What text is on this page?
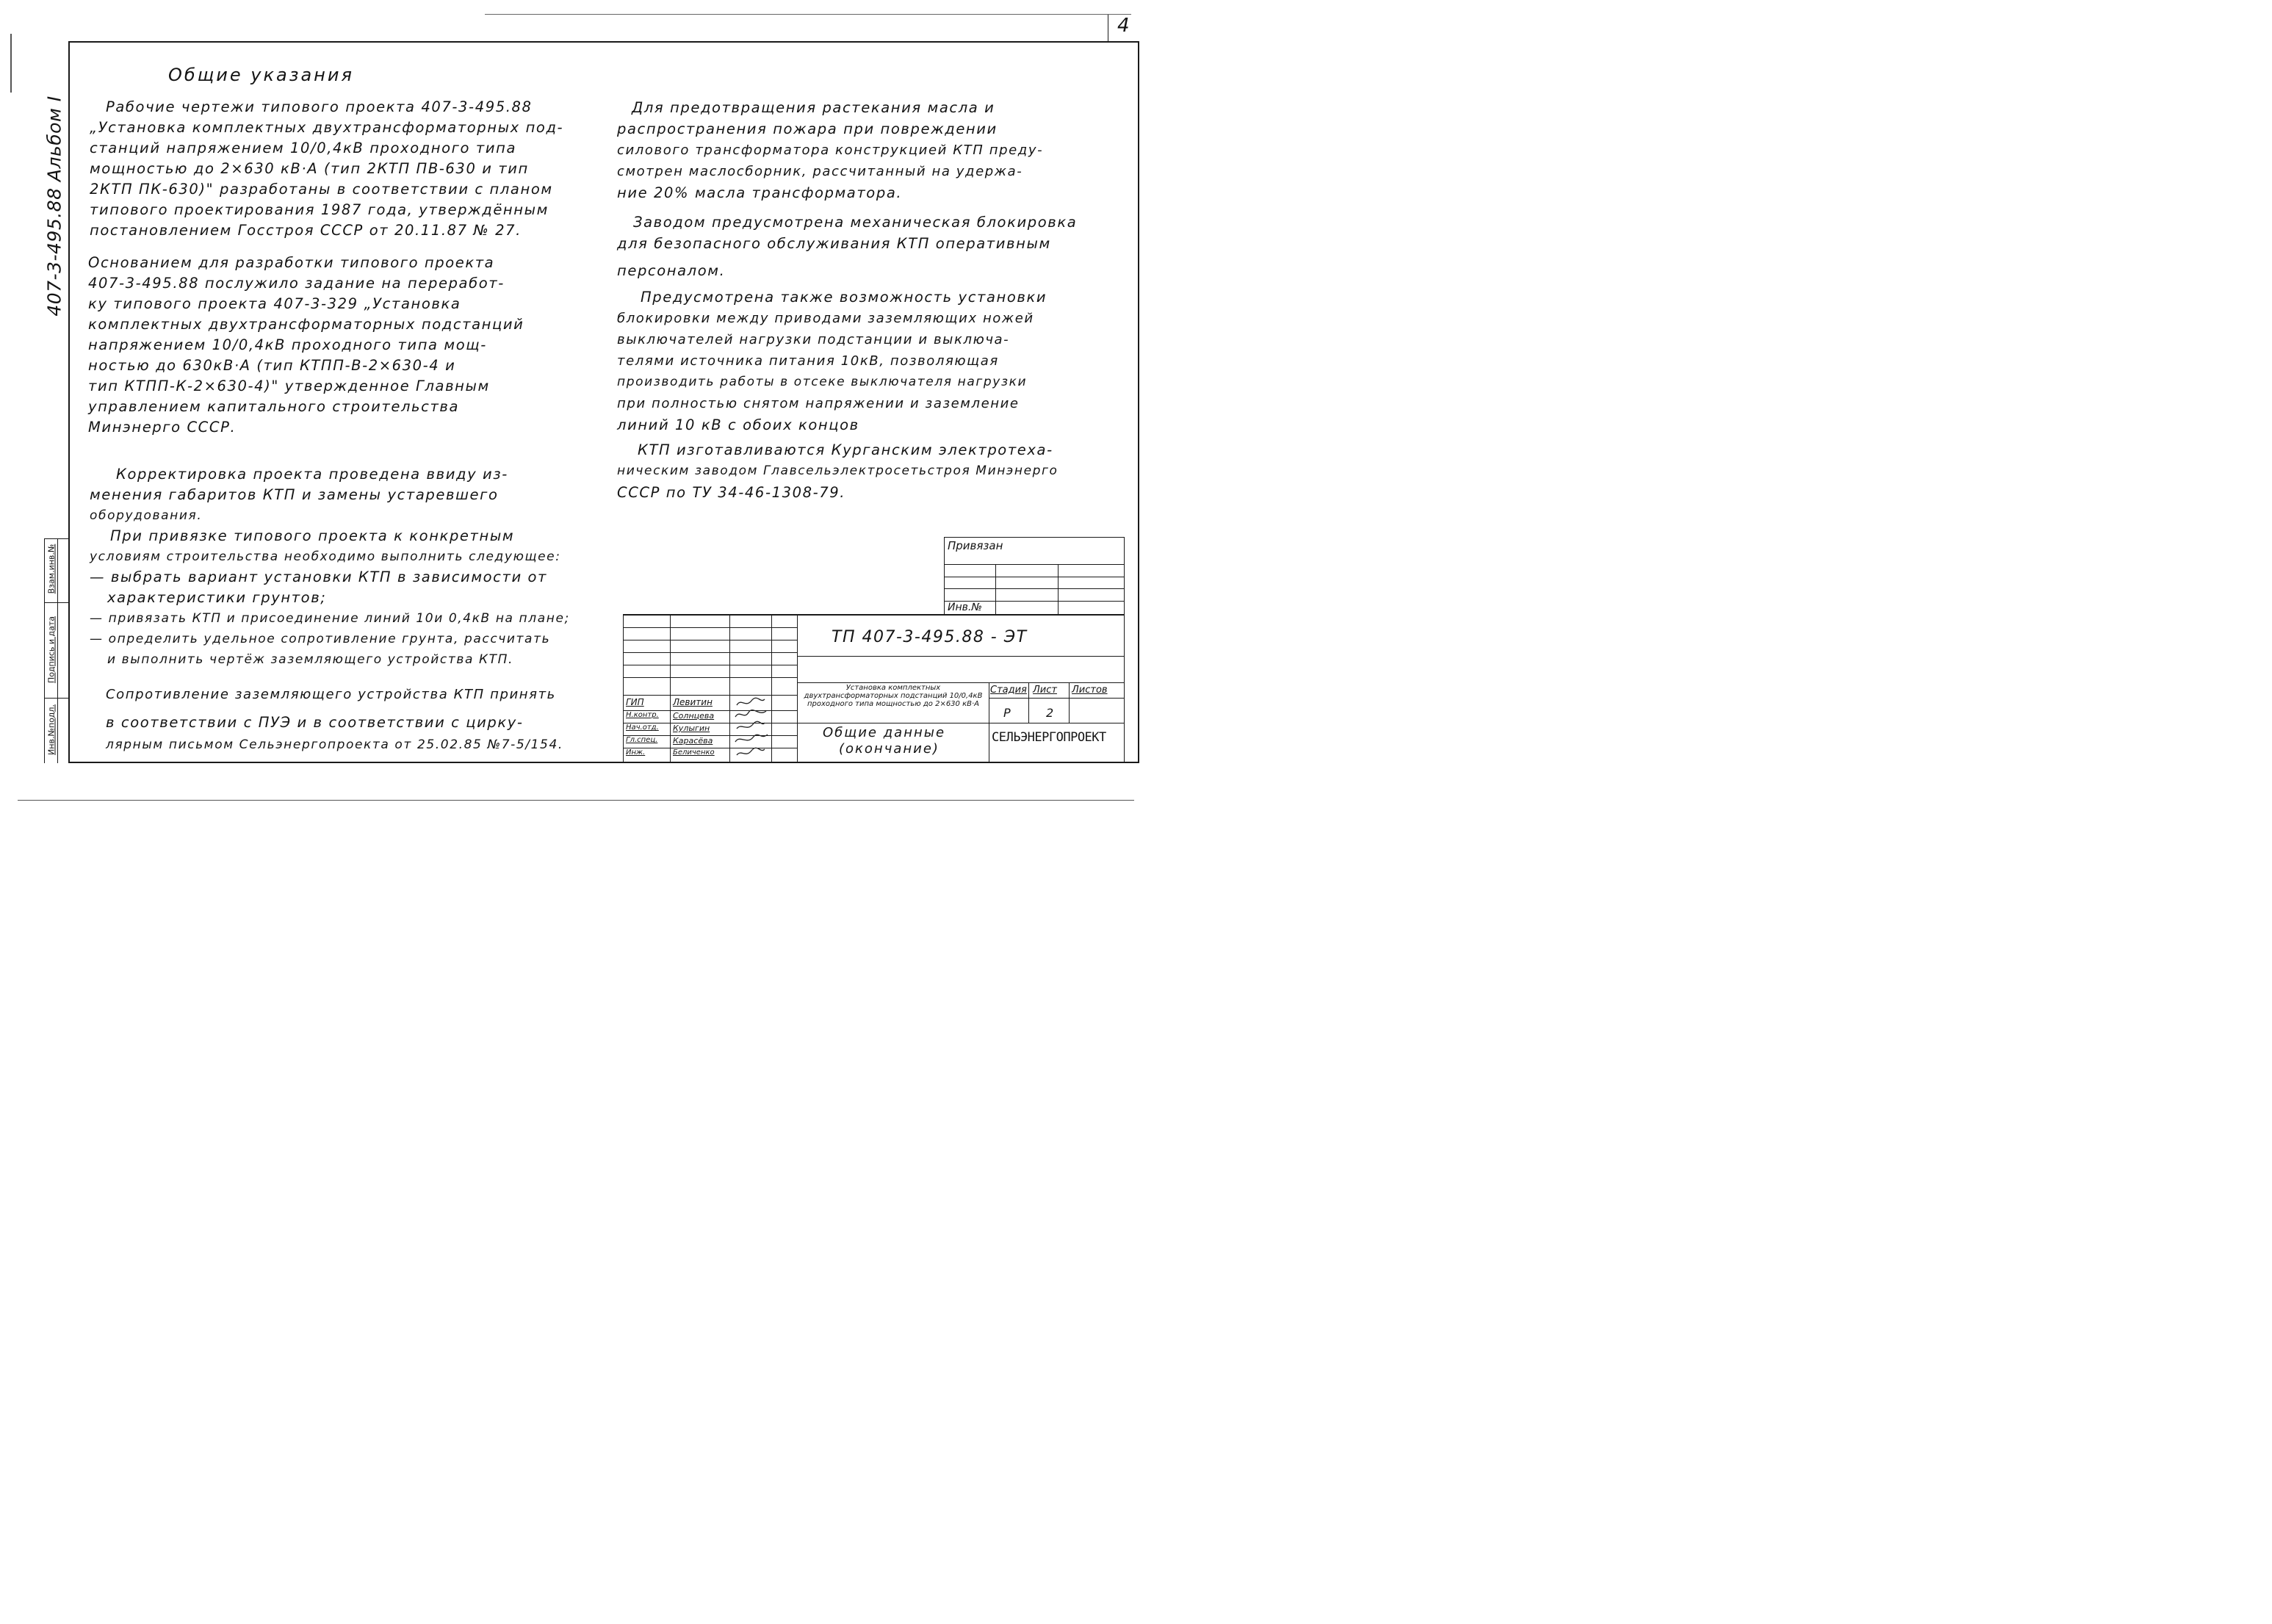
4
407-3-495.88 Альбом I
Взам.инв.№
Подпись и дата
Инв.№подл.
Общие указания
Рабочие чертежи типового проекта 407-3-495.88
„Установка комплектных двухтрансформаторных под-
станций напряжением 10/0,4кВ проходного типа
мощностью до 2×630 кВ·А (тип 2КТП ПВ-630 и тип
2КТП ПК-630)" разработаны в соответствии с планом
типового проектирования 1987 года, утверждённым
постановлением Госстроя СССР от 20.11.87 № 27.
Основанием для разработки типового проекта
407-3-495.88 послужило задание на переработ-
ку типового проекта 407-3-329 „Установка
комплектных двухтрансформаторных подстанций
напряжением 10/0,4кВ проходного типа мощ-
ностью до 630кВ·А (тип КТПП-В-2×630-4 и
тип КТПП-К-2×630-4)" утвержденное Главным
управлением капитального строительства
Минэнерго СССР.
Корректировка проекта проведена ввиду из-
менения габаритов КТП и замены устаревшего
оборудования.
При привязке типового проекта к конкретным
условиям строительства необходимо выполнить следующее:
— выбрать вариант установки КТП в зависимости от
характеристики грунтов;
— привязать КТП и присоединение линий 10и 0,4кВ на плане;
— определить удельное сопротивление грунта, рассчитать
и выполнить чертёж заземляющего устройства КТП.
Сопротивление заземляющего устройства КТП принять
в соответствии с ПУЭ и в соответствии с цирку-
лярным письмом Сельэнергопроекта от 25.02.85 №7-5/154.
Для предотвращения растекания масла и
распространения пожара при повреждении
силового трансформатора конструкцией КТП преду-
смотрен маслосборник, рассчитанный на удержа-
ние 20% масла трансформатора.
Заводом предусмотрена механическая блокировка
для безопасного обслуживания КТП оперативным
персоналом.
Предусмотрена также возможность установки
блокировки между приводами заземляющих ножей
выключателей нагрузки подстанции и выключа-
телями источника питания 10кВ, позволяющая
производить работы в отсеке выключателя нагрузки
при полностью снятом напряжении и заземление
линий 10 кВ с обоих концов
КТП изготавливаются Курганским электротеха-
ническим заводом Главсельэлектросетьстроя Минэнерго
СССР по ТУ 34-46-1308-79.
Привязан
Инв.№
ТП 407-3-495.88 - ЭТ
Установка комплектных двухтрансформаторных подстанций 10/0,4кВ проходного типа мощностью до 2×630 кВ·А
Общие данные
(окончание)
Стадия Лист Листов
Р	2
СЕЛЬЭНЕРГОПРОЕКТ
ГИП	Левитин
Н.контр. Солнцева
Нач.отд. Кулыгин
Гл.спец. Карасёва
Инж.	Беличенко
